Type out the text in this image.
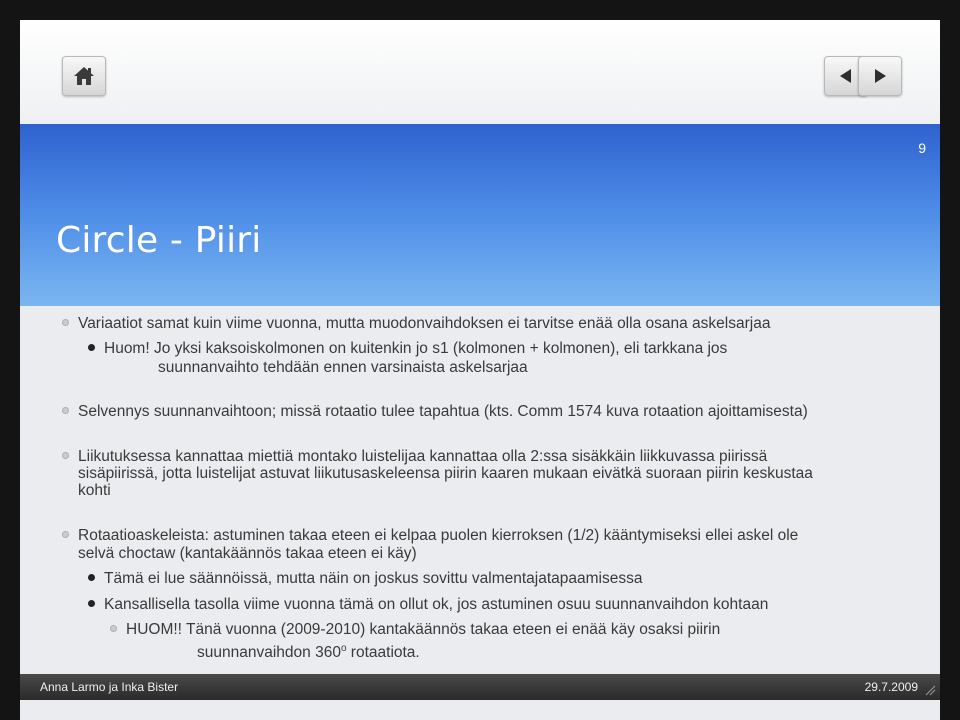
9
Circle - Piiri
Variaatiot samat kuin viime vuonna, mutta muodonvaihdoksen ei tarvitse enää olla osana askelsarjaa
Huom! Jo yksi kaksoiskolmonen on kuitenkin jo s1 (kolmonen + kolmonen), eli tarkkana jos
suunnanvaihto tehdään ennen varsinaista askelsarjaa
Selvennys suunnanvaihtoon; missä rotaatio tulee tapahtua (kts. Comm 1574 kuva rotaation ajoittamisesta)
Liikutuksessa kannattaa miettiä montako luistelijaa kannattaa olla 2:ssa sisäkkäin liikkuvassa piirissä
sisäpiirissä, jotta luistelijat astuvat liikutusaskeleensa piirin kaaren mukaan eivätkä suoraan piirin keskustaa
kohti
Rotaatioaskeleista: astuminen takaa eteen ei kelpaa puolen kierroksen (1/2) kääntymiseksi ellei askel ole
selvä choctaw (kantakäännös takaa eteen ei käy)
Tämä ei lue säännöissä, mutta näin on joskus sovittu valmentajatapaamisessa
Kansallisella tasolla viime vuonna tämä on ollut ok, jos astuminen osuu suunnanvaihdon kohtaan
HUOM!! Tänä vuonna (2009-2010) kantakäännös takaa eteen ei enää käy osaksi piirin
suunnanvaihdon 360$^o$ rotaatiota.
Anna Larmo ja Inka Bister	29.7.2009
